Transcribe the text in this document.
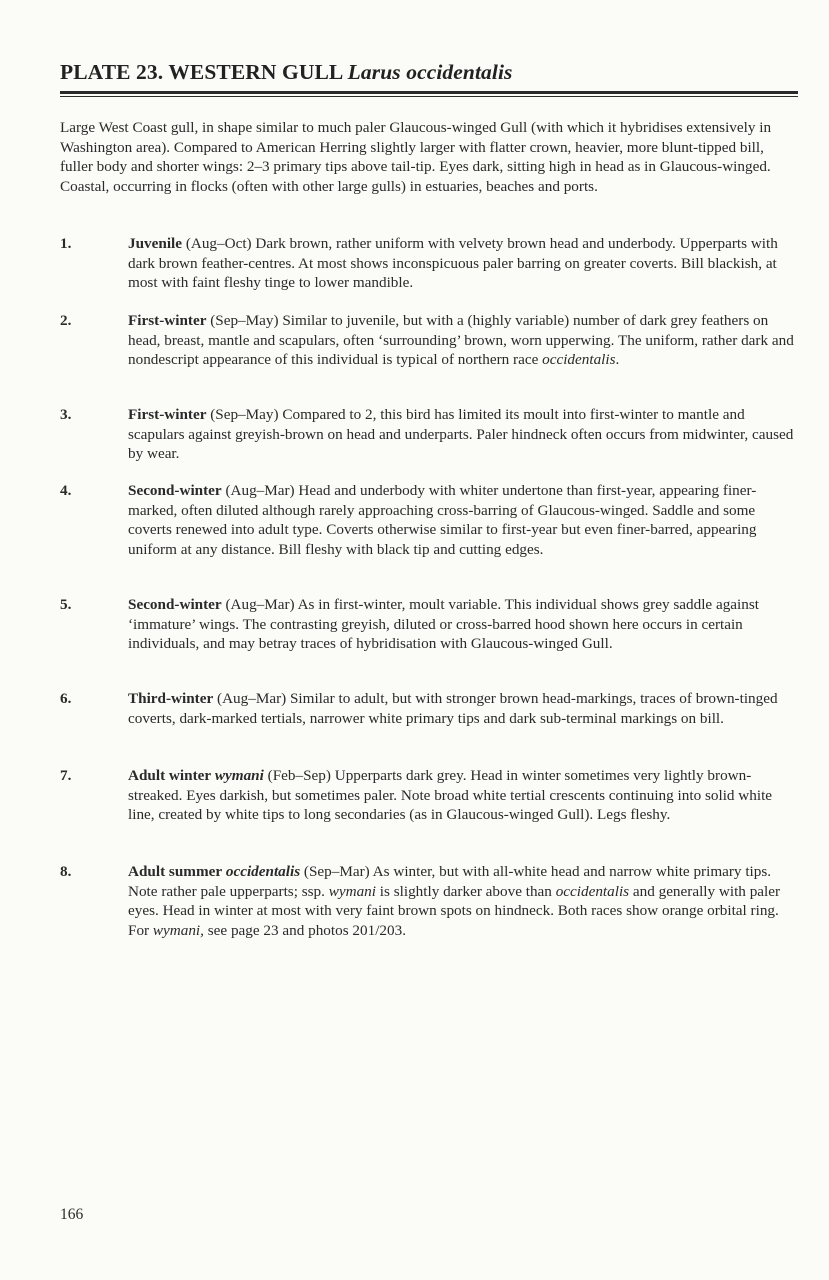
PLATE 23. WESTERN GULL Larus occidentalis

Large West Coast gull, in shape similar to much paler Glaucous-winged Gull (with which it hybridises extensively in Washington area). Compared to American Herring slightly larger with flatter crown, heavier, more blunt-tipped bill, fuller body and shorter wings: 2–3 primary tips above tail-tip. Eyes dark, sitting high in head as in Glaucous-winged.

Coastal, occurring in flocks (often with other large gulls) in estuaries, beaches and ports.

1.	Juvenile (Aug–Oct) Dark brown, rather uniform with velvety brown head and underbody. Upperparts with dark brown feather-centres. At most shows inconspicuous paler barring on greater coverts. Bill blackish, at most with faint fleshy tinge to lower mandible.
2.	First-winter (Sep–May) Similar to juvenile, but with a (highly variable) number of dark grey feathers on head, breast, mantle and scapulars, often ‘surrounding’ brown, worn upperwing. The uniform, rather dark and nondescript appearance of this individual is typical of northern race occidentalis.
3.	First-winter (Sep–May) Compared to 2, this bird has limited its moult into first-winter to mantle and scapulars against greyish-brown on head and underparts. Paler hindneck often occurs from midwinter, caused by wear.
4.	Second-winter (Aug–Mar) Head and underbody with whiter undertone than first-year, appearing finer-marked, often diluted although rarely approaching cross-barring of Glaucous-winged. Saddle and some coverts renewed into adult type. Coverts otherwise similar to first-year but even finer-barred, appearing uniform at any distance. Bill fleshy with black tip and cutting edges.
5.	Second-winter (Aug–Mar) As in first-winter, moult variable. This individual shows grey saddle against ‘immature’ wings. The contrasting greyish, diluted or cross-barred hood shown here occurs in certain individuals, and may betray traces of hybridisation with Glaucous-winged Gull.
6.	Third-winter (Aug–Mar) Similar to adult, but with stronger brown head-markings, traces of brown-tinged coverts, dark-marked tertials, narrower white primary tips and dark sub-terminal markings on bill.
7.	Adult winter wymani (Feb–Sep) Upperparts dark grey. Head in winter sometimes very lightly brown-streaked. Eyes darkish, but sometimes paler. Note broad white tertial crescents continuing into solid white line, created by white tips to long secondaries (as in Glaucous-winged Gull). Legs fleshy.
8.	Adult summer occidentalis (Sep–Mar) As winter, but with all-white head and narrow white primary tips. Note rather pale upperparts; ssp. wymani is slightly darker above than occidentalis and generally with paler eyes. Head in winter at most with very faint brown spots on hindneck. Both races show orange orbital ring. For wymani, see page 23 and photos 201/203.
166
